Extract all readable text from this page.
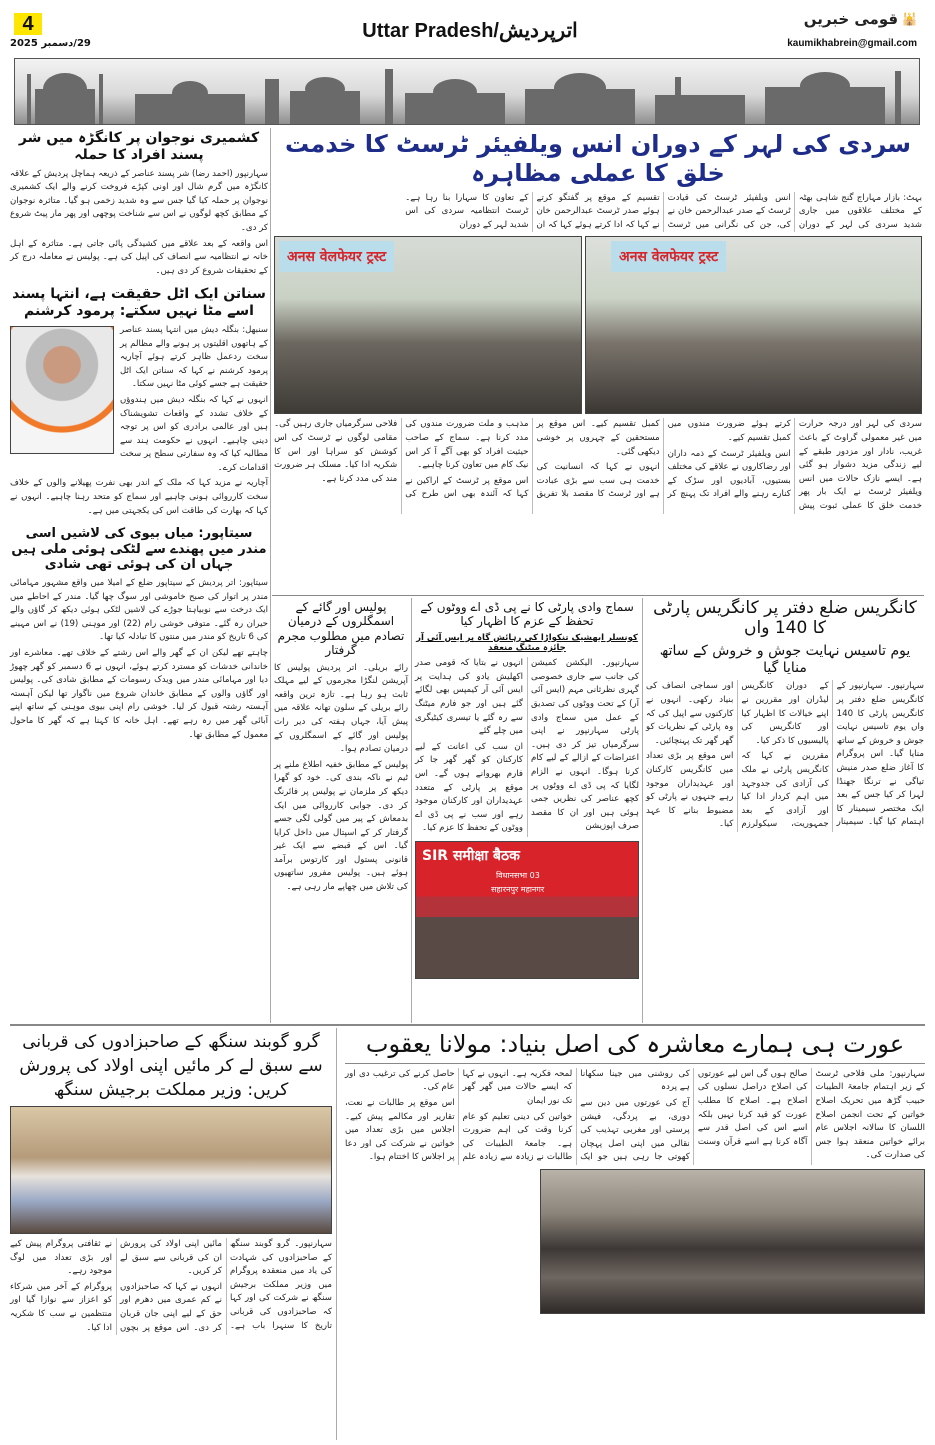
4
29/دسمبر 2025
Uttar Pradesh/اترپردیش
قومی خبریں 🕌
kaumikhabrein@gmail.com
کشمیری نوجوان پر کانگڑہ میں شر پسند افراد کا حملہ

سہارنپور (احمد رضا) شر پسند عناصر کے ذریعہ ہماچل پردیش کے علاقہ کانگڑہ میں گرم شال اور اونی کپڑے فروخت کرنے والے ایک کشمیری نوجوان پر حملہ کیا گیا جس سے وہ شدید زخمی ہو گیا۔ متاثرہ نوجوان کے مطابق کچھ لوگوں نے اس سے شناخت پوچھی اور پھر مار پیٹ شروع کر دی۔

اس واقعہ کے بعد علاقے میں کشیدگی پائی جاتی ہے۔ متاثرہ کے اہل خانہ نے انتظامیہ سے انصاف کی اپیل کی ہے۔ پولیس نے معاملہ درج کر کے تحقیقات شروع کر دی ہیں۔

سناتن ایک اٹل حقیقت ہے، انتہا پسند اسے مٹا نہیں سکتے: پرمود کرشنم

سنبھل: بنگلہ دیش میں انتہا پسند عناصر کے ہاتھوں اقلیتوں پر ہونے والے مظالم پر سخت ردعمل ظاہر کرتے ہوئے آچاریہ پرمود کرشنم نے کہا کہ سناتن ایک اٹل حقیقت ہے جسے کوئی مٹا نہیں سکتا۔

انہوں نے کہا کہ بنگلہ دیش میں ہندوؤں کے خلاف تشدد کے واقعات تشویشناک ہیں اور عالمی برادری کو اس پر توجہ دینی چاہیے۔ انہوں نے حکومت ہند سے مطالبہ کیا کہ وہ سفارتی سطح پر سخت اقدامات کرے۔

آچاریہ نے مزید کہا کہ ملک کے اندر بھی نفرت پھیلانے والوں کے خلاف سخت کارروائی ہونی چاہیے اور سماج کو متحد رہنا چاہیے۔ انہوں نے کہا کہ بھارت کی طاقت اس کی یکجہتی میں ہے۔

سیتاپور: میاں بیوی کی لاشیں اسی مندر میں پھندے سے لٹکی ہوئی ملی ہیں جہاں ان کی ہوئی تھی شادی

سیتاپور: اتر پردیش کے سیتاپور ضلع کے امیلا میں واقع مشہور مہامائی مندر پر اتوار کی صبح خاموشی اور سوگ چھا گیا۔ مندر کے احاطے میں ایک درخت سے نوبیاہتا جوڑے کی لاشیں لٹکی ہوئی دیکھ کر گاؤں والے حیران رہ گئے۔ متوفی خوشی رام (22) اور موہنی (19) نے اس مہینے کی 6 تاریخ کو مندر میں منتوں کا تبادلہ کیا تھا۔

چاہتے تھے لیکن ان کے گھر والے اس رشتے کے خلاف تھے۔ معاشرے اور خاندانی خدشات کو مسترد کرتے ہوئے، انہوں نے 6 دسمبر کو گھر چھوڑ دیا اور مہامائی مندر میں ویدک رسومات کے مطابق شادی کی۔ پولیس اور گاؤں والوں کے مطابق خاندان شروع میں ناگوار تھا لیکن آہستہ آہستہ رشتہ قبول کر لیا۔ خوشی رام اپنی بیوی موہنی کے ساتھ اپنے آبائی گھر میں رہ رہے تھے۔ اہل خانہ کا کہنا ہے کہ گھر کا ماحول معمول کے مطابق تھا۔

سردی کی لہر کے دوران انس ویلفیئر ٹرسٹ کا خدمت خلق کا عملی مظاہرہ

بہٹ: بازار مہاراج گنج شاہی بھٹہ کے مختلف علاقوں میں جاری شدید سردی کی لہر کے دوران انس ویلفیئر ٹرسٹ کی قیادت ٹرسٹ کے صدر عبدالرحمن خان نے کی، جن کی نگرانی میں ٹرسٹ تقسیم کے موقع پر گفتگو کرتے ہوئے صدر ٹرسٹ عبدالرحمن خان نے کہا کہ ادا کرتے ہوئے کہا کہ ان کے تعاون کا سہارا بنا رہا ہے۔ ٹرسٹ انتظامیہ سردی کی اس شدید لہر کے دوران

अनस वेलफेयर ट्रस्ट	अनस वेलफेयर ट्रस्ट

سردی کی لہر اور درجہ حرارت میں غیر معمولی گراوٹ کے باعث غریب، نادار اور مزدور طبقے کے لیے زندگی مزید دشوار ہو گئی ہے۔ ایسے نازک حالات میں انس ویلفیئر ٹرسٹ نے ایک بار پھر خدمت خلق کا عملی ثبوت پیش کرتے ہوئے ضرورت مندوں میں کمبل تقسیم کیے۔

انس ویلفیئر ٹرسٹ کے ذمہ داران اور رضاکاروں نے علاقے کی مختلف بستیوں، آبادیوں اور سڑک کے کنارے رہنے والے افراد تک پہنچ کر کمبل تقسیم کیے۔ اس موقع پر مستحقین کے چہروں پر خوشی دیکھی گئی۔

انہوں نے کہا کہ انسانیت کی خدمت ہی سب سے بڑی عبادت ہے اور ٹرسٹ کا مقصد بلا تفریق مذہب و ملت ضرورت مندوں کی مدد کرنا ہے۔ سماج کے صاحب حیثیت افراد کو بھی آگے آ کر اس نیک کام میں تعاون کرنا چاہیے۔

اس موقع پر ٹرسٹ کے اراکین نے کہا کہ آئندہ بھی اس طرح کی فلاحی سرگرمیاں جاری رہیں گی۔ مقامی لوگوں نے ٹرسٹ کی اس کوشش کو سراہا اور اس کا شکریہ ادا کیا۔ مسلک ہر ضرورت مند کی مدد کرنا ہے۔

پولیس اور گائے کے اسمگلروں کے درمیان تصادم میں مطلوب مجرم گرفتار

رائے بریلی۔ اتر پردیش پولیس کا آپریشن لنگڑا مجرموں کے لیے مہلک ثابت ہو رہا ہے۔ تازہ ترین واقعہ رائے بریلی کے سلون تھانہ علاقہ میں پیش آیا، جہاں ہفتہ کی دیر رات پولیس اور گائے کے اسمگلروں کے درمیان تصادم ہوا۔

پولیس کے مطابق خفیہ اطلاع ملنے پر ٹیم نے ناکہ بندی کی۔ خود کو گھرا دیکھ کر ملزمان نے پولیس پر فائرنگ کر دی۔ جوابی کارروائی میں ایک بدمعاش کے پیر میں گولی لگی جسے گرفتار کر کے اسپتال میں داخل کرایا گیا۔ اس کے قبضے سے ایک غیر قانونی پستول اور کارتوس برآمد ہوئے ہیں۔ پولیس مفرور ساتھیوں کی تلاش میں چھاپے مار رہی ہے۔

سماج وادی پارٹی کا نے پی ڈی اے ووٹوں کے تحفظ کے عزم کا اظہار کیا
کونسلر ابھشیک تنکواڑا کی رہائش گاہ پر ایس آئی آر جائزہ میٹنگ منعقد

سہارنپور۔ الیکشن کمیشن کی جانب سے جاری خصوصی گہری نظرثانی مہم (ایس آئی آر) کے تحت ووٹوں کی تصدیق کے عمل میں سماج وادی پارٹی سہارنپور نے اپنی سرگرمیاں تیز کر دی ہیں۔ اعتراضات کے ازالے کے لیے کام کرنا ہوگا۔ انہوں نے الزام لگایا کہ پی ڈی اے ووٹوں پر کچھ عناصر کی نظریں جمی ہوئی ہیں اور ان کا مقصد صرف اپوزیشن

انہوں نے بتایا کہ قومی صدر اکھلیش یادو کی ہدایت پر ایس آئی آر کیمپس بھی لگائے گئے ہیں اور جو فارم میٹنگ سے رہ گئے یا تیسری کیٹیگری میں چلے گئے

ان سب کی اعانت کے لیے کارکنان کو گھر گھر جا کر فارم بھروانے ہوں گے۔ اس موقع پر پارٹی کے متعدد عہدیداران اور کارکنان موجود رہے اور سب نے پی ڈی اے ووٹوں کے تحفظ کا عزم کیا۔

SIR समीक्षा बैठक
विधानसभा 03
सहारनपुर महानगर
کانگریس ضلع دفتر پر کانگریس پارٹی کا 140 واں
یوم تاسیس نہایت جوش و خروش کے ساتھ منایا گیا

سہارنپور۔ سہارنپور کے کانگریس ضلع دفتر پر کانگریس پارٹی کا 140 واں یوم تاسیس نہایت جوش و خروش کے ساتھ منایا گیا۔ اس پروگرام کا آغاز ضلع صدر منیش تیاگی نے ترنگا جھنڈا لہرا کر کیا جس کے بعد ایک مختصر سیمینار کا اہتمام کیا گیا۔ سیمینار کے دوران کانگریس لیڈران اور مقررین نے اپنے خیالات کا اظہار کیا اور کانگریس کی پالیسیوں کا ذکر کیا۔

مقررین نے کہا کہ کانگریس پارٹی نے ملک کی آزادی کی جدوجہد میں اہم کردار ادا کیا اور آزادی کے بعد جمہوریت، سیکولرزم اور سماجی انصاف کی بنیاد رکھی۔ انہوں نے کارکنوں سے اپیل کی کہ وہ پارٹی کے نظریات کو گھر گھر تک پہنچائیں۔

اس موقع پر بڑی تعداد میں کانگریس کارکنان اور عہدیداران موجود رہے جنہوں نے پارٹی کو مضبوط بنانے کا عہد کیا۔

گرو گوبند سنگھ کے صاحبزادوں کی قربانی سے سبق لے کر مائیں اپنی اولاد کی پرورش کریں: وزیر مملکت برجیش سنگھ

سہارنپور۔ گرو گوبند سنگھ کے صاحبزادوں کی شہادت کی یاد میں منعقدہ پروگرام میں وزیر مملکت برجیش سنگھ نے شرکت کی اور کہا کہ صاحبزادوں کی قربانی تاریخ کا سنہرا باب ہے۔ مائیں اپنی اولاد کی پرورش ان کی قربانی سے سبق لے کر کریں۔

انہوں نے کہا کہ صاحبزادوں نے کم عمری میں دھرم اور حق کے لیے اپنی جان قربان کر دی۔ اس موقع پر بچوں نے ثقافتی پروگرام پیش کیے اور بڑی تعداد میں لوگ موجود رہے۔

پروگرام کے آخر میں شرکاء کو اعزاز سے نوازا گیا اور منتظمین نے سب کا شکریہ ادا کیا۔

عورت ہی ہمارے معاشرہ کی اصل بنیاد: مولانا یعقوب

سہارنپور: ملی فلاحی ٹرسٹ کے زیر اہتمام جامعۃ الطیبات حبیب گڑھ میں تحریک اصلاح خواتین کے تحت انجمن اصلاح اللسان کا سالانہ اجلاس عام برائے خواتین منعقد ہوا جس کی صدارت کی۔

صالح ہوں گی اس لیے عورتوں کی اصلاح دراصل نسلوں کی اصلاح ہے۔ اصلاح کا مطلب عورت کو قید کرنا نہیں بلکہ اسے اس کی اصل قدر سے آگاہ کرنا ہے اسے قرآن وسنت کی روشنی میں جینا سکھانا ہے پردہ

آج کی عورتوں میں دین سے دوری، بے پردگی، فیشن پرستی اور مغربی تہذیب کی نقالی میں اپنی اصل پہچان کھوتی جا رہی ہیں جو ایک لمحہ فکریہ ہے۔ انہوں نے کہا کہ ایسے حالات میں گھر گھر تک نور ایمان

خواتین کی دینی تعلیم کو عام کرنا وقت کی اہم ضرورت ہے۔ جامعۃ الطیبات کی طالبات نے زیادہ سے زیادہ علم حاصل کرنے کی ترغیب دی اور عام کی۔

اس موقع پر طالبات نے نعت، تقاریر اور مکالمے پیش کیے۔ اجلاس میں بڑی تعداد میں خواتین نے شرکت کی اور دعا پر اجلاس کا اختتام ہوا۔
